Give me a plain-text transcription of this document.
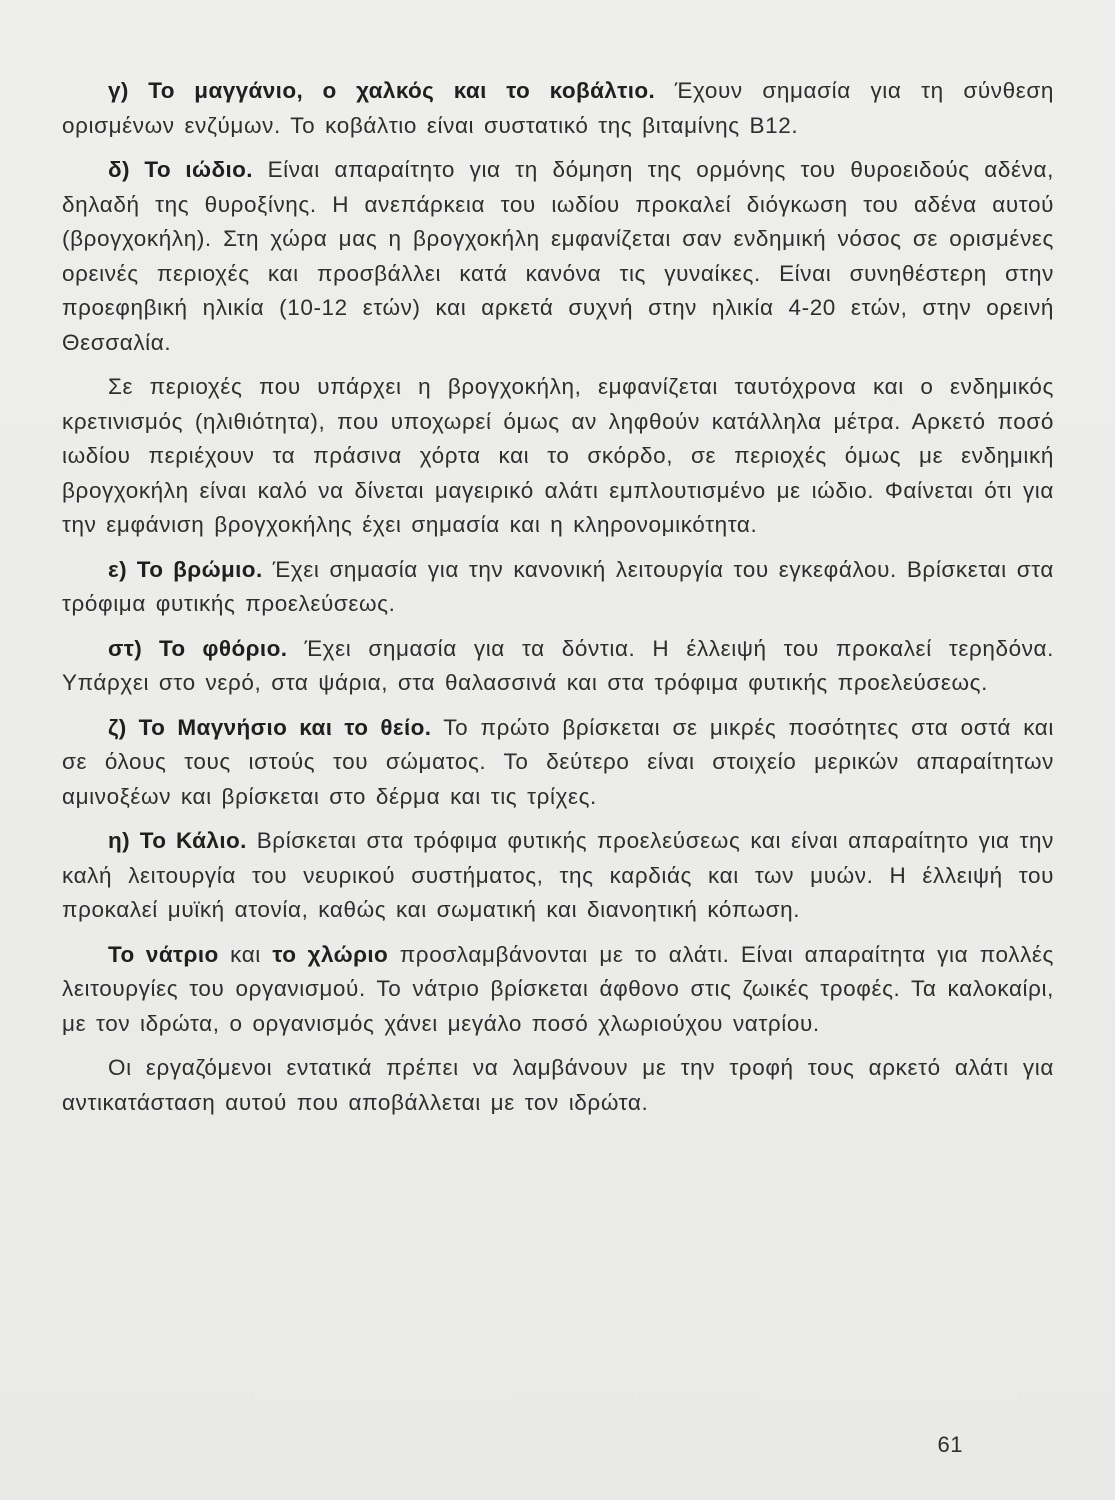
γ) Το μαγγάνιο, ο χαλκός και το κοβάλτιο. Έχουν σημασία για τη σύνθεση ορισμένων ενζύμων. Το κοβάλτιο είναι συστατικό της βιταμίνης Β12.

δ) Το ιώδιο. Είναι απαραίτητο για τη δόμηση της ορμόνης του θυροειδούς αδένα, δηλαδή της θυροξίνης. Η ανεπάρκεια του ιωδίου προκαλεί διόγκωση του αδένα αυτού (βρογχοκήλη). Στη χώρα μας η βρογχοκήλη εμφανίζεται σαν ενδημική νόσος σε ορισμένες ορεινές περιοχές και προσβάλλει κατά κανόνα τις γυναίκες. Είναι συνηθέστερη στην προεφηβική ηλικία (10-12 ετών) και αρκετά συχνή στην ηλικία 4-20 ετών, στην ορεινή Θεσσαλία.

Σε περιοχές που υπάρχει η βρογχοκήλη, εμφανίζεται ταυτόχρονα και ο ενδημικός κρετινισμός (ηλιθιότητα), που υποχωρεί όμως αν ληφθούν κατάλληλα μέτρα. Αρκετό ποσό ιωδίου περιέχουν τα πράσινα χόρτα και το σκόρδο, σε περιοχές όμως με ενδημική βρογχοκήλη είναι καλό να δίνεται μαγειρικό αλάτι εμπλουτισμένο με ιώδιο. Φαίνεται ότι για την εμφάνιση βρογχοκήλης έχει σημασία και η κληρονομικότητα.

ε) Το βρώμιο. Έχει σημασία για την κανονική λειτουργία του εγκεφάλου. Βρίσκεται στα τρόφιμα φυτικής προελεύσεως.

στ) Το φθόριο. Έχει σημασία για τα δόντια. Η έλλειψή του προκαλεί τερηδόνα. Υπάρχει στο νερό, στα ψάρια, στα θαλασσινά και στα τρόφιμα φυτικής προελεύσεως.

ζ) Το Μαγνήσιο και το θείο. Το πρώτο βρίσκεται σε μικρές ποσότητες στα οστά και σε όλους τους ιστούς του σώματος. Το δεύτερο είναι στοιχείο μερικών απαραίτητων αμινοξέων και βρίσκεται στο δέρμα και τις τρίχες.

η) Το Κάλιο. Βρίσκεται στα τρόφιμα φυτικής προελεύσεως και είναι απαραίτητο για την καλή λειτουργία του νευρικού συστήματος, της καρδιάς και των μυών. Η έλλειψή του προκαλεί μυϊκή ατονία, καθώς και σωματική και διανοητική κόπωση.

Το νάτριο και το χλώριο προσλαμβάνονται με το αλάτι. Είναι απαραίτητα για πολλές λειτουργίες του οργανισμού. Το νάτριο βρίσκεται άφθονο στις ζωικές τροφές. Τα καλοκαίρι, με τον ιδρώτα, ο οργανισμός χάνει μεγάλο ποσό χλωριούχου νατρίου.

Οι εργαζόμενοι εντατικά πρέπει να λαμβάνουν με την τροφή τους αρκετό αλάτι για αντικατάσταση αυτού που αποβάλλεται με τον ιδρώτα.

61
